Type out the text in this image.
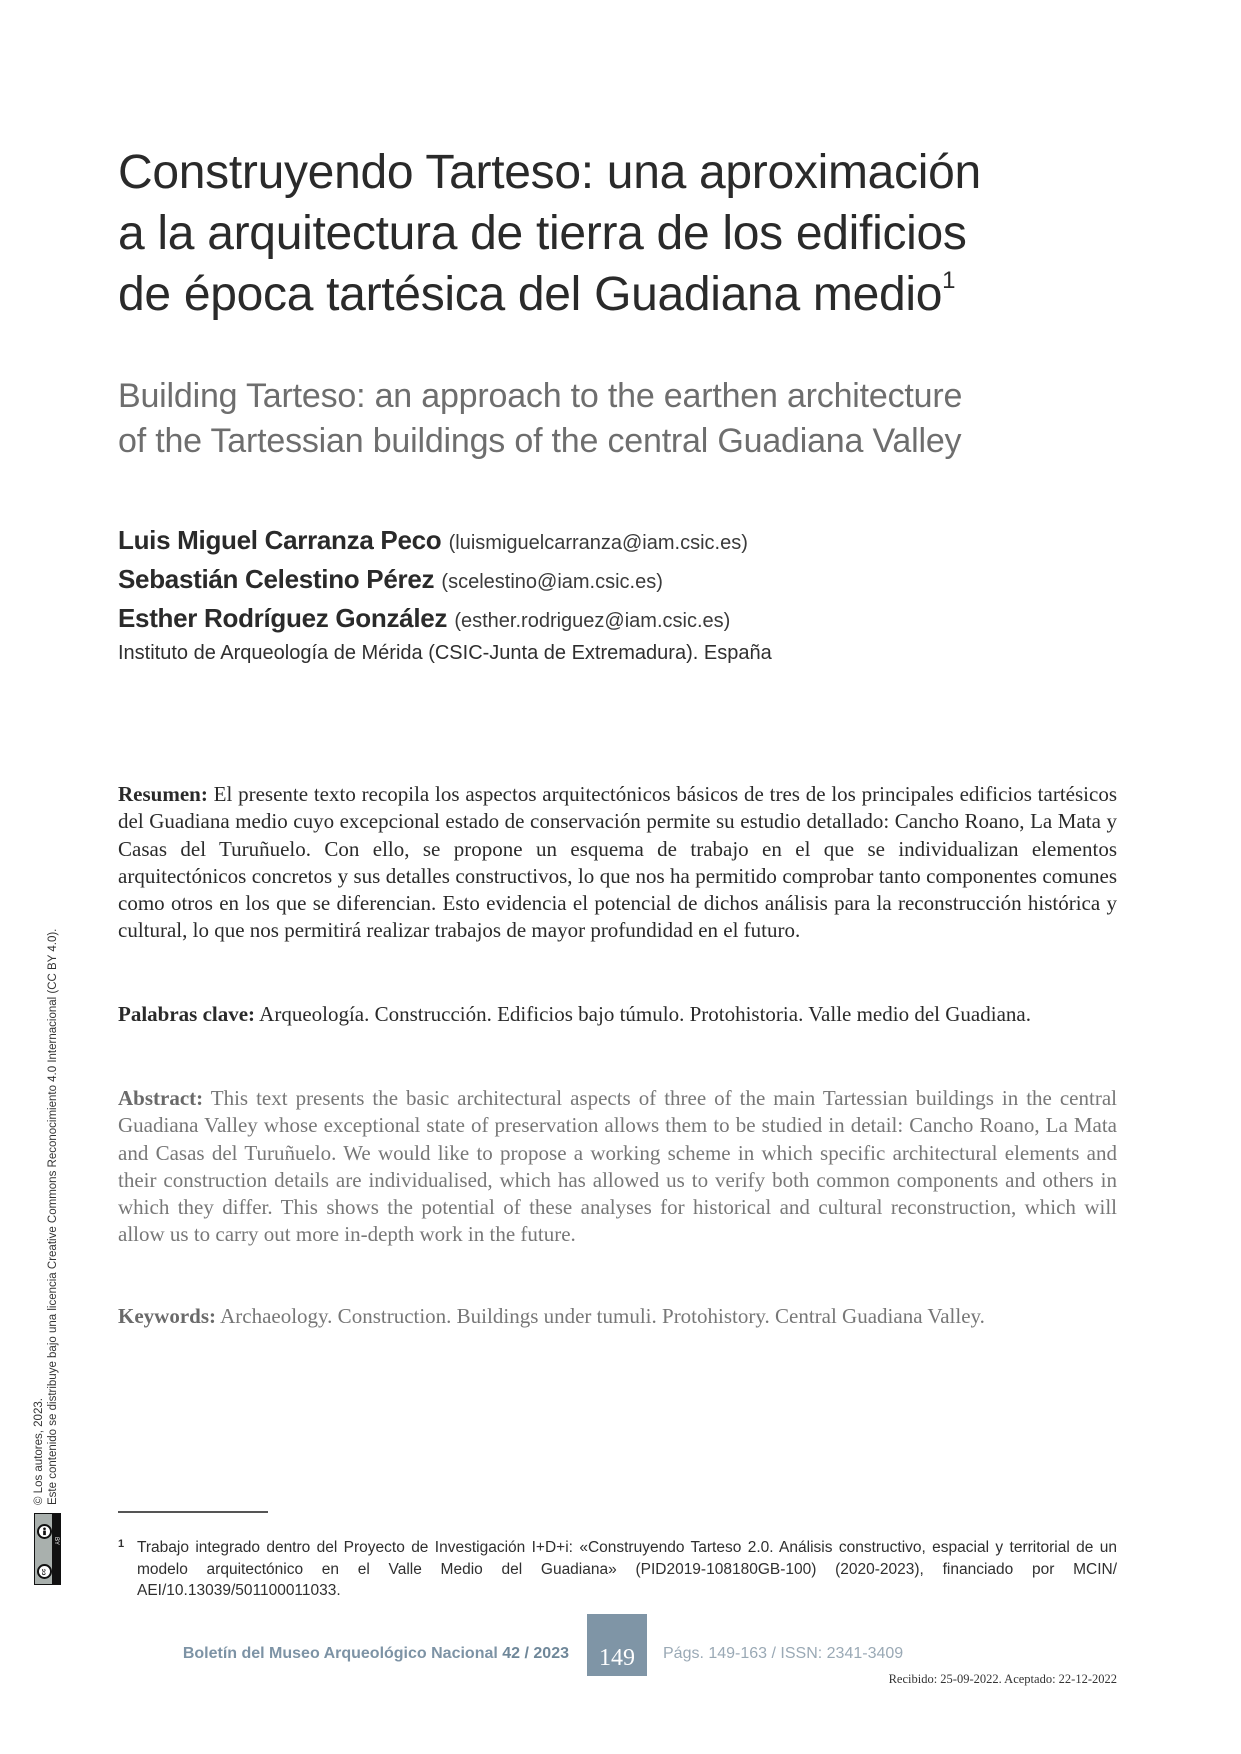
Construyendo Tarteso: una aproximación
a la arquitectura de tierra de los edificios
de época tartésica del Guadiana medio$^1$
Building Tarteso: an approach to the earthen architecture
of the Tartessian buildings of the central Guadiana Valley
Luis Miguel Carranza Peco (luismiguelcarranza@iam.csic.es)
Sebastián Celestino Pérez (scelestino@iam.csic.es)
Esther Rodríguez González (esther.rodriguez@iam.csic.es)
Instituto de Arqueología de Mérida (CSIC-Junta de Extremadura). España

Resumen: El presente texto recopila los aspectos arquitectónicos básicos de tres de los principales edificios tartésicos del Guadiana medio cuyo excepcional estado de conservación permite su estudio detallado: Cancho Roano, La Mata y Casas del Turuñuelo. Con ello, se propone un esquema de trabajo en el que se individualizan elementos arquitectónicos concretos y sus detalles constructivos, lo que nos ha permitido comprobar tanto componentes comunes como otros en los que se diferencian. Esto evidencia el potencial de dichos análisis para la reconstrucción histórica y cultural, lo que nos permitirá realizar trabajos de mayor profundidad en el futuro.

Palabras clave: Arqueología. Construcción. Edificios bajo túmulo. Protohistoria. Valle medio del Guadiana.

Abstract: This text presents the basic architectural aspects of three of the main Tartessian buildings in the central Guadiana Valley whose exceptional state of preservation allows them to be studied in detail: Cancho Roano, La Mata and Casas del Turuñuelo. We would like to propose a working scheme in which specific architectural elements and their construction details are individualised, which has allowed us to verify both common components and others in which they differ. This shows the potential of these analyses for historical and cultural reconstruction, which will allow us to carry out more in-depth work in the future.

Keywords: Archaeology. Construction. Buildings under tumuli. Protohistory. Central Guadiana Valley.

© Los autores, 2023. Este contenido se distribuye bajo una licencia Creative Commons Reconocimiento 4.0 Internacional (CC BY 4.0).
cc
BY	1 Trabajo integrado dentro del Proyecto de Investigación I+D+i: «Construyendo Tarteso 2.0. Análisis constructivo, espacial y territorial de un modelo arquitectónico en el Valle Medio del Guadiana» (PID2019-108180GB-100) (2020-2023), financiado por MCIN/ AEI/10.13039/501100011033.
Boletín del Museo Arqueológico Nacional 42 / 2023	149	Págs. 149-163 / ISSN: 2341-3409
Recibido: 25-09-2022. Aceptado: 22-12-2022
